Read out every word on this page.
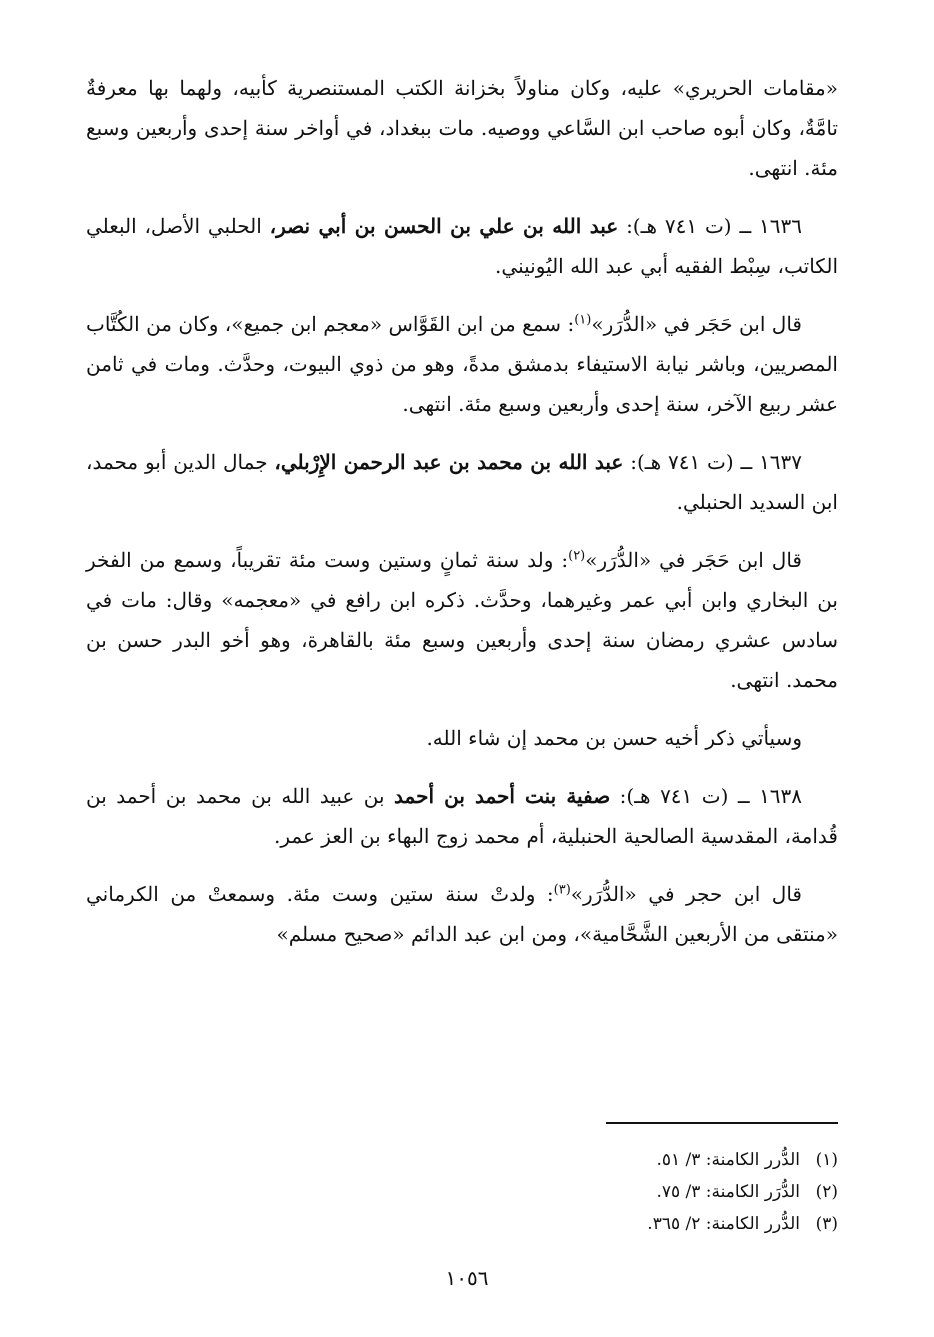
«مقامات الحريري» عليه، وكان مناولاً بخزانة الكتب المستنصرية كأبيه، ولهما بها معرفةٌ تامَّةٌ، وكان أبوه صاحب ابن السَّاعي ووصيه. مات ببغداد، في أواخر سنة إحدى وأربعين وسبع مئة. انتهى.

١٦٣٦ ــ (ت ٧٤١ هـ): عبد الله بن علي بن الحسن بن أبي نصر، الحلبي الأصل، البعلي الكاتب، سِبْط الفقيه أبي عبد الله اليُونيني.

قال ابن حَجَر في «الدُّرَر»$^{(١)}$: سمع من ابن القَوَّاس «معجم ابن جميع»، وكان من الكُتَّاب المصريين، وباشر نيابة الاستيفاء بدمشق مدةً، وهو من ذوي البيوت، وحدَّث. ومات في ثامن عشر ربيع الآخر، سنة إحدى وأربعين وسبع مئة. انتهى.

١٦٣٧ ــ (ت ٧٤١ هـ): عبد الله بن محمد بن عبد الرحمن الإِرْبلي، جمال الدين أبو محمد، ابن السديد الحنبلي.

قال ابن حَجَر في «الدُّرَر»$^{(٢)}$: ولد سنة ثمانٍ وستين وست مئة تقريباً، وسمع من الفخر بن البخاري وابن أبي عمر وغيرهما، وحدَّث. ذكره ابن رافع في «معجمه» وقال: مات في سادس عشري رمضان سنة إحدى وأربعين وسبع مئة بالقاهرة، وهو أخو البدر حسن بن محمد. انتهى.

وسيأتي ذكر أخيه حسن بن محمد إن شاء الله.

١٦٣٨ ــ (ت ٧٤١ هـ): صفية بنت أحمد بن أحمد بن عبيد الله بن محمد بن أحمد بن قُدامة، المقدسية الصالحية الحنبلية، أم محمد زوج البهاء بن العز عمر.

قال ابن حجر في «الدُّرَر»$^{(٣)}$: ولدتْ سنة ستين وست مئة. وسمعتْ من الكرماني «منتقى من الأربعين الشَّحَّامية»، ومن ابن عبد الدائم «صحيح مسلم»

(١)الدُّرر الكامنة: ٣/ ٥١.
(٢)الدُّرَر الكامنة: ٣/ ٧٥.
(٣)الدُّرر الكامنة: ٢/ ٣٦٥.
١٠٥٦
